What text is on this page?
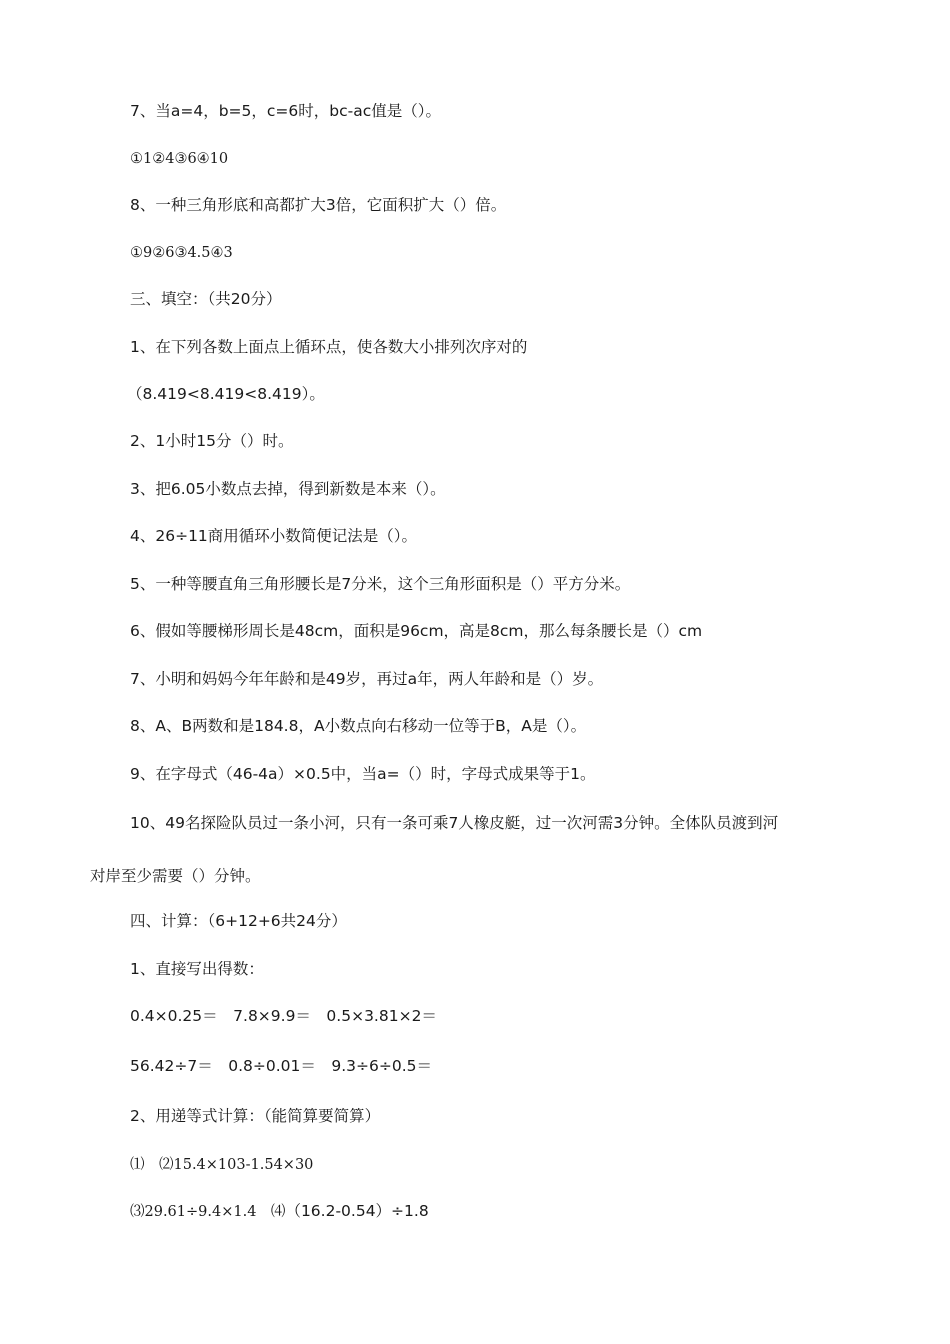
7、当a=4，b=5，c=6时，bc-ac值是（）。
①1②4③6④10
8、一种三角形底和高都扩大3倍，它面积扩大（）倍。
①9②6③4.5④3
三、填空：（共20分）
1、在下列各数上面点上循环点，使各数大小排列次序对的
（8.419<8.419<8.419）。
2、1小时15分（）时。
3、把6.05小数点去掉，得到新数是本来（）。
4、26÷11商用循环小数简便记法是（）。
5、一种等腰直角三角形腰长是7分米，这个三角形面积是（）平方分米。
6、假如等腰梯形周长是48cm，面积是96cm，高是8cm，那么每条腰长是（）cm
7、小明和妈妈今年年龄和是49岁，再过a年，两人年龄和是（）岁。
8、A、B两数和是184.8，A小数点向右移动一位等于B，A是（）。
9、在字母式（46-4a）×0.5中，当a=（）时，字母式成果等于1。
10、49名探险队员过一条小河，只有一条可乘7人橡皮艇，过一次河需3分钟。全体队员渡到河
对岸至少需要（）分钟。
四、计算：（6+12+6共24分）
1、直接写出得数：
0.4×0.25＝　7.8×9.9＝　0.5×3.81×2＝
56.42÷7＝　0.8÷0.01＝　9.3÷6÷0.5＝
2、用递等式计算：（能简算要简算）
⑴　⑵15.4×103-1.54×30
⑶29.61÷9.4×1.4　⑷（16.2-0.54）÷1.8
